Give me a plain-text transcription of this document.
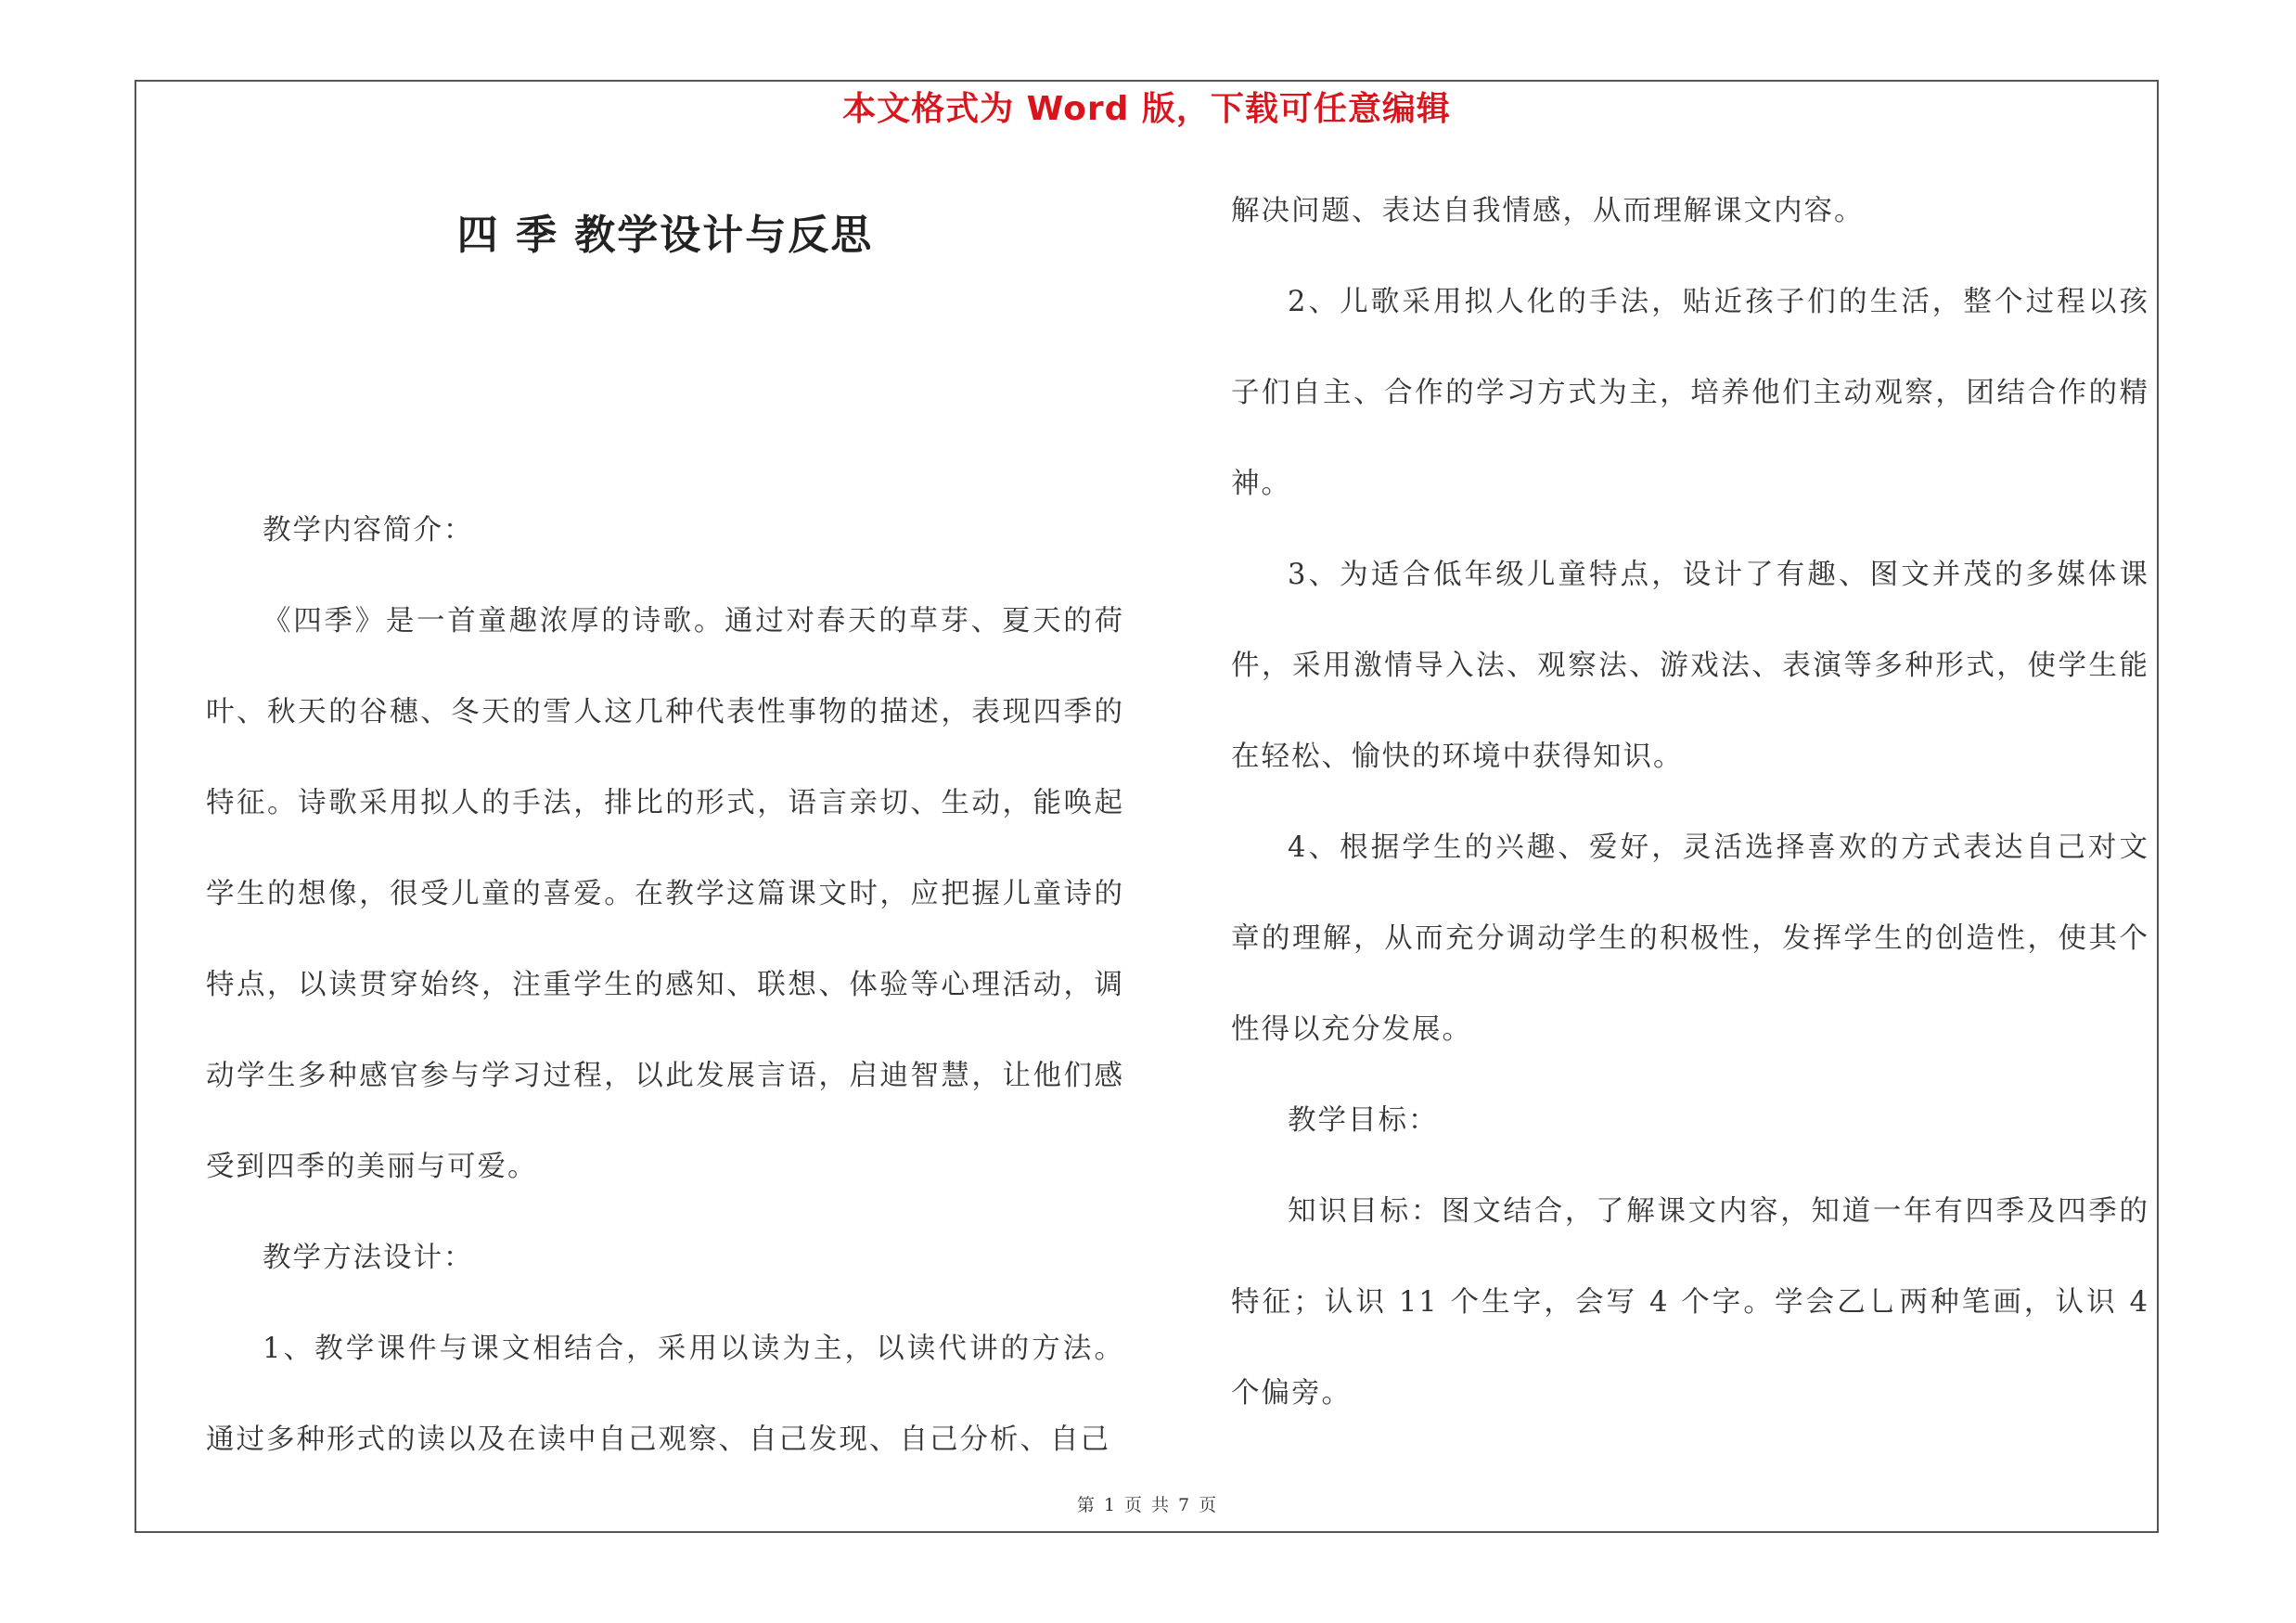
本文格式为 Word 版，下载可任意编辑
四 季 教学设计与反思

教学内容简介：

《四季》是一首童趣浓厚的诗歌。通过对春天的草芽、夏天的荷叶、秋天的谷穗、冬天的雪人这几种代表性事物的描述，表现四季的特征。诗歌采用拟人的手法，排比的形式，语言亲切、生动，能唤起学生的想像，很受儿童的喜爱。在教学这篇课文时，应把握儿童诗的特点，以读贯穿始终，注重学生的感知、联想、体验等心理活动，调动学生多种感官参与学习过程，以此发展言语，启迪智慧，让他们感受到四季的美丽与可爱。

教学方法设计：

1、教学课件与课文相结合，采用以读为主，以读代讲的方法。通过多种形式的读以及在读中自己观察、自己发现、自己分析、自己

解决问题、表达自我情感，从而理解课文内容。

2、儿歌采用拟人化的手法，贴近孩子们的生活，整个过程以孩子们自主、合作的学习方式为主，培养他们主动观察，团结合作的精神。

3、为适合低年级儿童特点，设计了有趣、图文并茂的多媒体课件，采用激情导入法、观察法、游戏法、表演等多种形式，使学生能在轻松、愉快的环境中获得知识。

4、根据学生的兴趣、爱好，灵活选择喜欢的方式表达自己对文章的理解，从而充分调动学生的积极性，发挥学生的创造性，使其个性得以充分发展。

教学目标：

知识目标：图文结合，了解课文内容，知道一年有四季及四季的特征；认识 11 个生字，会写 4 个字。学会乙乚两种笔画，认识 4 个偏旁。

第 1 页 共 7 页
